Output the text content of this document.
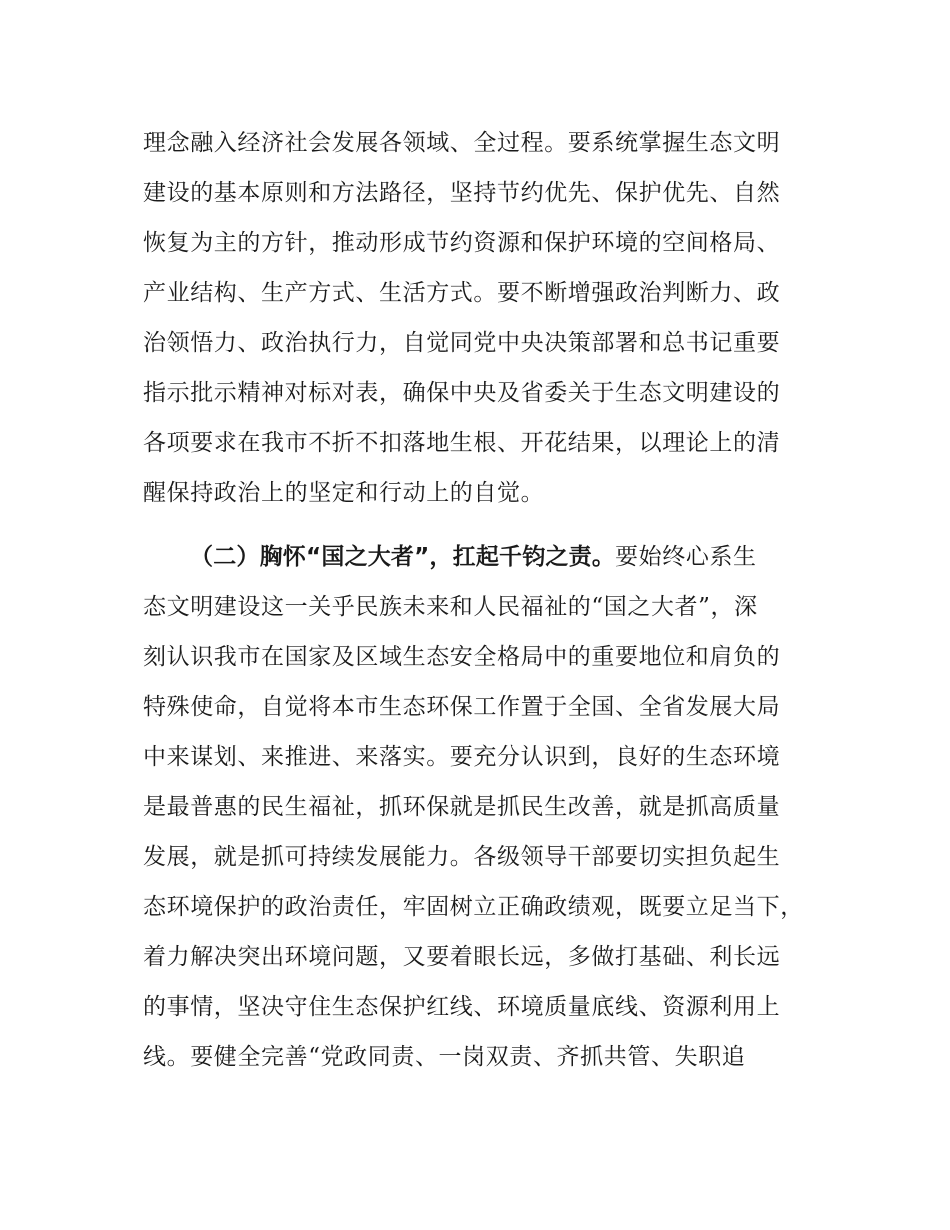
理念融入经济社会发展各领域、全过程。要系统掌握生态文明
建设的基本原则和方法路径，坚持节约优先、保护优先、自然
恢复为主的方针，推动形成节约资源和保护环境的空间格局、
产业结构、生产方式、生活方式。要不断增强政治判断力、政
治领悟力、政治执行力，自觉同党中央决策部署和总书记重要
指示批示精神对标对表，确保中央及省委关于生态文明建设的
各项要求在我市不折不扣落地生根、开花结果，以理论上的清
醒保持政治上的坚定和行动上的自觉。
（二）胸怀“国之大者”，扛起千钧之责。要始终心系生
态文明建设这一关乎民族未来和人民福祉的“国之大者”，深
刻认识我市在国家及区域生态安全格局中的重要地位和肩负的
特殊使命，自觉将本市生态环保工作置于全国、全省发展大局
中来谋划、来推进、来落实。要充分认识到，良好的生态环境
是最普惠的民生福祉，抓环保就是抓民生改善，就是抓高质量
发展，就是抓可持续发展能力。各级领导干部要切实担负起生
态环境保护的政治责任，牢固树立正确政绩观，既要立足当下，
着力解决突出环境问题，又要着眼长远，多做打基础、利长远
的事情，坚决守住生态保护红线、环境质量底线、资源利用上
线。要健全完善“党政同责、一岗双责、齐抓共管、失职追
